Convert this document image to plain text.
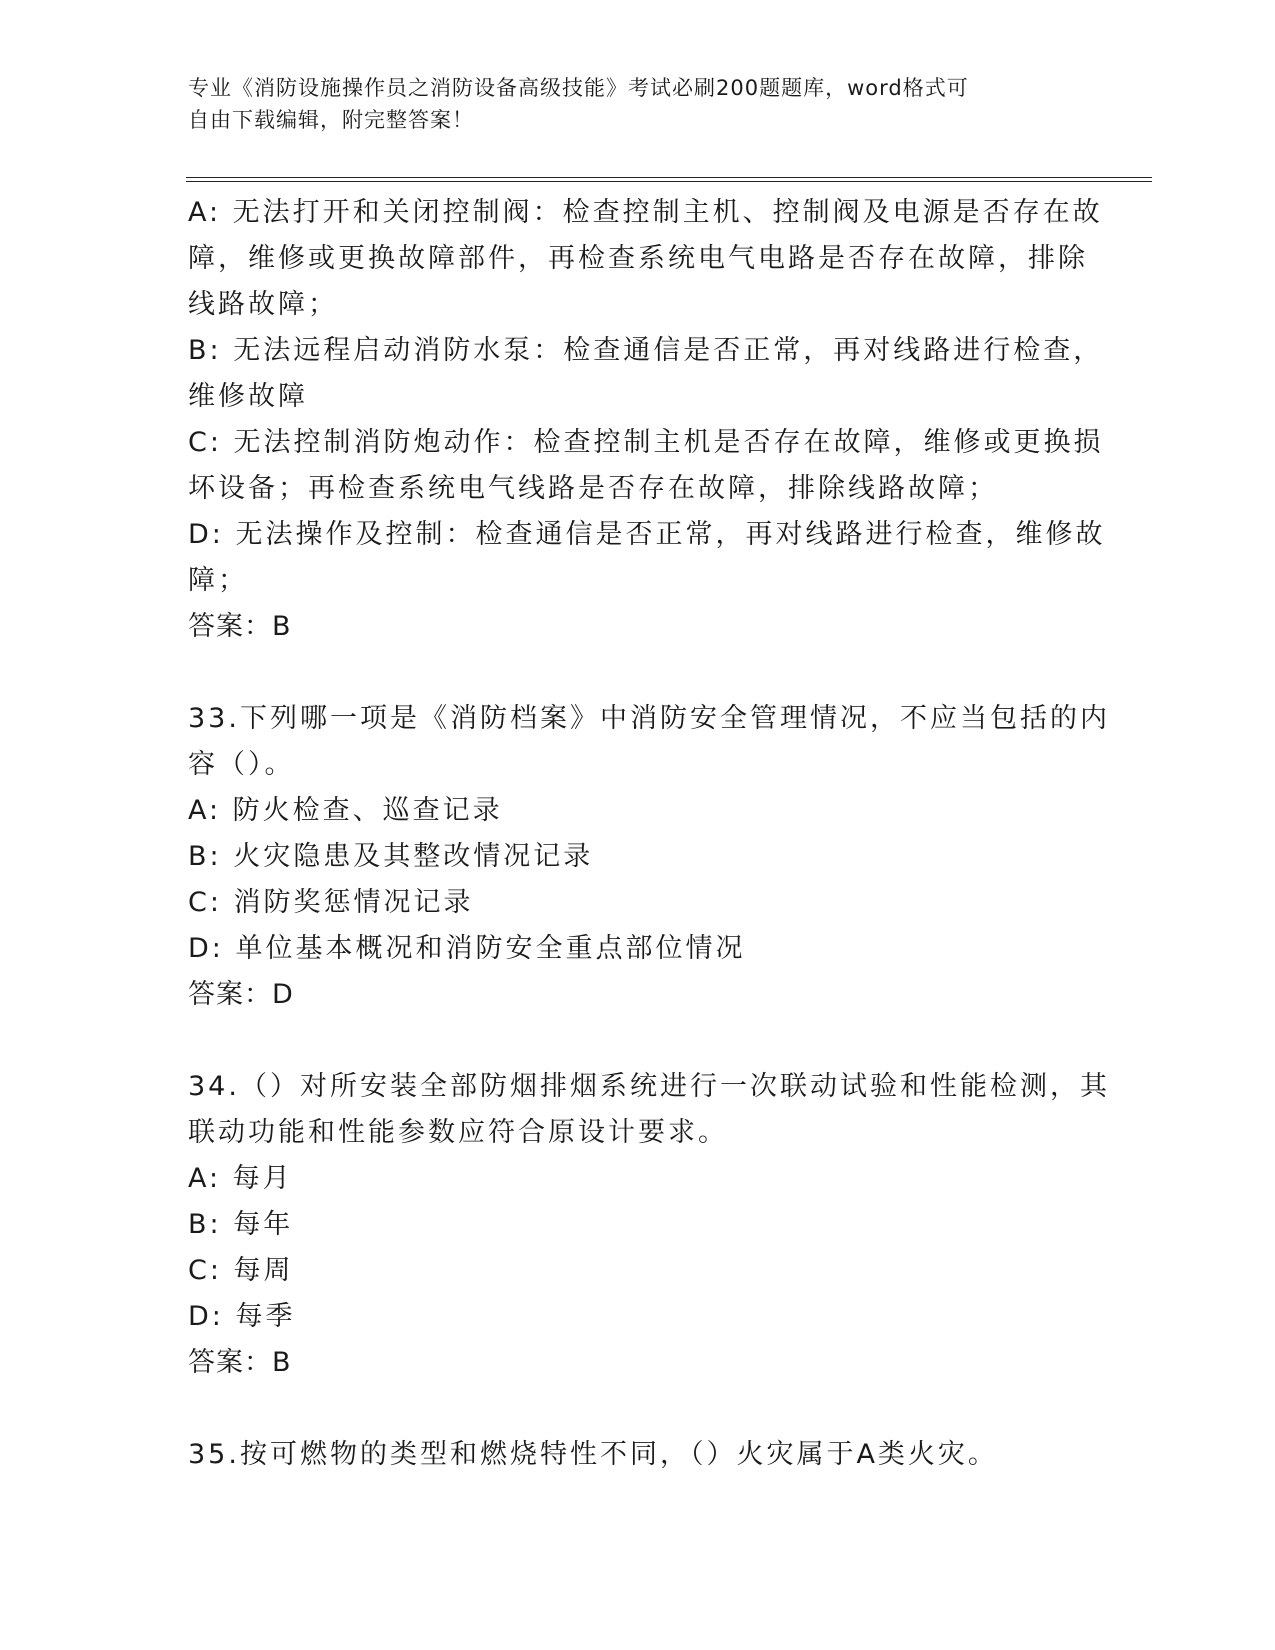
专业《消防设施操作员之消防设备高级技能》考试必刷200题题库，word格式可
自由下载编辑，附完整答案！
A: 无法打开和关闭控制阀：检查控制主机、控制阀及电源是否存在故
障，维修或更换故障部件，再检查系统电气电路是否存在故障，排除
线路故障；
B: 无法远程启动消防水泵：检查通信是否正常，再对线路进行检查，
维修故障
C: 无法控制消防炮动作：检查控制主机是否存在故障，维修或更换损
坏设备；再检查系统电气线路是否存在故障，排除线路故障；
D: 无法操作及控制：检查通信是否正常，再对线路进行检查，维修故
障；
答案：B
33.下列哪一项是《消防档案》中消防安全管理情况，不应当包括的内
容（）。
A: 防火检查、巡查记录
B: 火灾隐患及其整改情况记录
C: 消防奖惩情况记录
D: 单位基本概况和消防安全重点部位情况
答案：D
34.（）对所安装全部防烟排烟系统进行一次联动试验和性能检测，其
联动功能和性能参数应符合原设计要求。
A: 每月
B: 每年
C: 每周
D: 每季
答案：B
35.按可燃物的类型和燃烧特性不同，（）火灾属于A类火灾。
